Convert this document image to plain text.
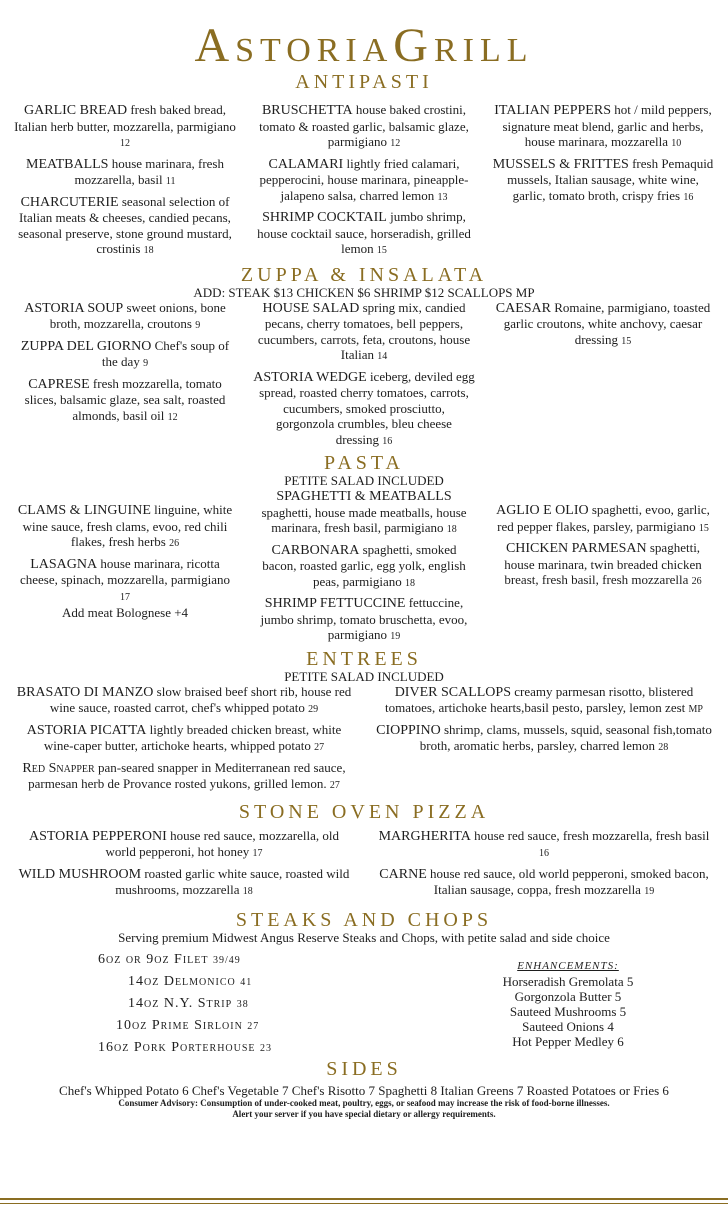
AstoriaGrill
ANTIPASTI
GARLIC BREAD fresh baked bread, Italian herb butter, mozzarella, parmigiano 12
MEATBALLS house marinara, fresh mozzarella, basil 11
CHARCUTERIE seasonal selection of Italian meats & cheeses, candied pecans, seasonal preserve, stone ground mustard, crostinis 18
BRUSCHETTA house baked crostini, tomato & roasted garlic, balsamic glaze, parmigiano 12
CALAMARI lightly fried calamari, pepperocini, house marinara, pineapple-jalapeno salsa, charred lemon 13
SHRIMP COCKTAIL jumbo shrimp, house cocktail sauce, horseradish, grilled lemon 15
ITALIAN PEPPERS hot / mild peppers, signature meat blend, garlic and herbs, house marinara, mozzarella 10
MUSSELS & FRITTES fresh Pemaquid mussels, Italian sausage, white wine, garlic, tomato broth, crispy fries 16
ZUPPA & INSALATA
ADD: STEAK $13 CHICKEN $6 SHRIMP $12 SCALLOPS MP
ASTORIA SOUP sweet onions, bone broth, mozzarella, croutons 9
ZUPPA DEL GIORNO Chef's soup of the day 9
CAPRESE fresh mozzarella, tomato slices, balsamic glaze, sea salt, roasted almonds, basil oil 12
HOUSE SALAD spring mix, candied pecans, cherry tomatoes, bell peppers, cucumbers, carrots, feta, croutons, house Italian 14
ASTORIA WEDGE iceberg, deviled egg spread, roasted cherry tomatoes, carrots, cucumbers, smoked prosciutto, gorgonzola crumbles, bleu cheese dressing 16
CAESAR Romaine, parmigiano, toasted garlic croutons, white anchovy, caesar dressing 15
PASTA
PETITE SALAD INCLUDED
CLAMS & LINGUINE linguine, white wine sauce, fresh clams, evoo, red chili flakes, fresh herbs 26
LASAGNA house marinara, ricotta cheese, spinach, mozzarella, parmigiano 17
Add meat Bolognese +4
SPAGHETTI & MEATBALLS spaghetti, house made meatballs, house marinara, fresh basil, parmigiano 18
CARBONARA spaghetti, smoked bacon, roasted garlic, egg yolk, english peas, parmigiano 18
SHRIMP FETTUCCINE fettuccine, jumbo shrimp, tomato bruschetta, evoo, parmigiano 19
AGLIO E OLIO spaghetti, evoo, garlic, red pepper flakes, parsley, parmigiano 15
CHICKEN PARMESAN spaghetti, house marinara, twin breaded chicken breast, fresh basil, fresh mozzarella 26
ENTREES
PETITE SALAD INCLUDED
BRASATO DI MANZO slow braised beef short rib, house red wine sauce, roasted carrot, chef's whipped potato 29
ASTORIA PICATTA lightly breaded chicken breast, white wine-caper butter, artichoke hearts, whipped potato 27
Red Snapper pan-seared snapper in Mediterranean red sauce, parmesan herb de Provance rosted yukons, grilled lemon. 27
DIVER SCALLOPS creamy parmesan risotto, blistered tomatoes, artichoke hearts,basil pesto, parsley, lemon zest MP
CIOPPINO shrimp, clams, mussels, squid, seasonal fish,tomato broth, aromatic herbs, parsley, charred lemon 28
STONE OVEN PIZZA
ASTORIA PEPPERONI house red sauce, mozzarella, old world pepperoni, hot honey 17
WILD MUSHROOM roasted garlic white sauce, roasted wild mushrooms, mozzarella 18
MARGHERITA house red sauce, fresh mozzarella, fresh basil 16
CARNE house red sauce, old world pepperoni, smoked bacon, Italian sausage, coppa, fresh mozzarella 19
STEAKS AND CHOPS
Serving premium Midwest Angus Reserve Steaks and Chops, with petite salad and side choice
6oz or 9oz Filet 39/49
14oz Delmonico 41
14oz N.Y. Strip 38
10oz Prime Sirloin 27
16oz Pork Porterhouse 23
ENHANCEMENTS:
Horseradish Gremolata 5
Gorgonzola Butter 5
Sauteed Mushrooms 5
Sauteed Onions 4
Hot Pepper Medley 6
SIDES
Chef's Whipped Potato 6 Chef's Vegetable 7 Chef's Risotto 7 Spaghetti 8 Italian Greens 7 Roasted Potatoes or Fries 6
Consumer Advisory: Consumption of under-cooked meat, poultry, eggs, or seafood may increase the risk of food-borne illnesses.
Alert your server if you have special dietary or allergy requirements.
